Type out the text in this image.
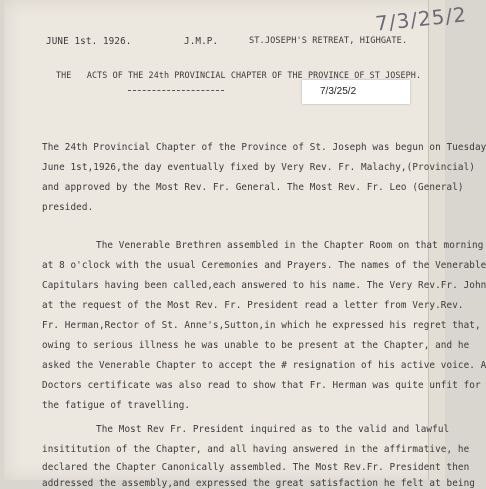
7/3/25/2
JUNE 1st. 1926.	J.M.P.	ST.JOSEPH'S RETREAT, HIGHGATE.
THE   ACTS OF THE 24th PROVINCIAL CHAPTER OF THE PROVINCE OF ST JOSEPH.
7/3/25/2
The 24th Provincial Chapter of the Province of St. Joseph was begun on Tuesday
June 1st,1926,the day eventually fixed by Very Rev. Fr. Malachy,(Provincial)
and approved by the Most Rev. Fr. General. The Most Rev. Fr. Leo (General)
presided.
The Venerable Brethren assembled in the Chapter Room on that morning
at 8 o'clock with the usual Ceremonies and Prayers. The names of the Venerable
Capitulars having been called,each answered to his name. The Very Rev.Fr. John
at the request of the Most Rev. Fr. President read a letter from Very.Rev.
Fr. Herman,Rector of St. Anne's,Sutton,in which he expressed his regret that,
owing to serious illness he was unable to be present at the Chapter, and he
asked the Venerable Chapter to accept the # resignation of his active voice. A
Doctors certificate was also read to show that Fr. Herman was quite unfit for
the fatigue of travelling.
The Most Rev Fr. President inquired as to the valid and lawful
insititution of the Chapter, and all having answered in the affirmative, he
declared the Chapter Canonically assembled. The Most Rev.Fr. President then
addressed the assembly,and expressed the great satisfaction he felt at being
